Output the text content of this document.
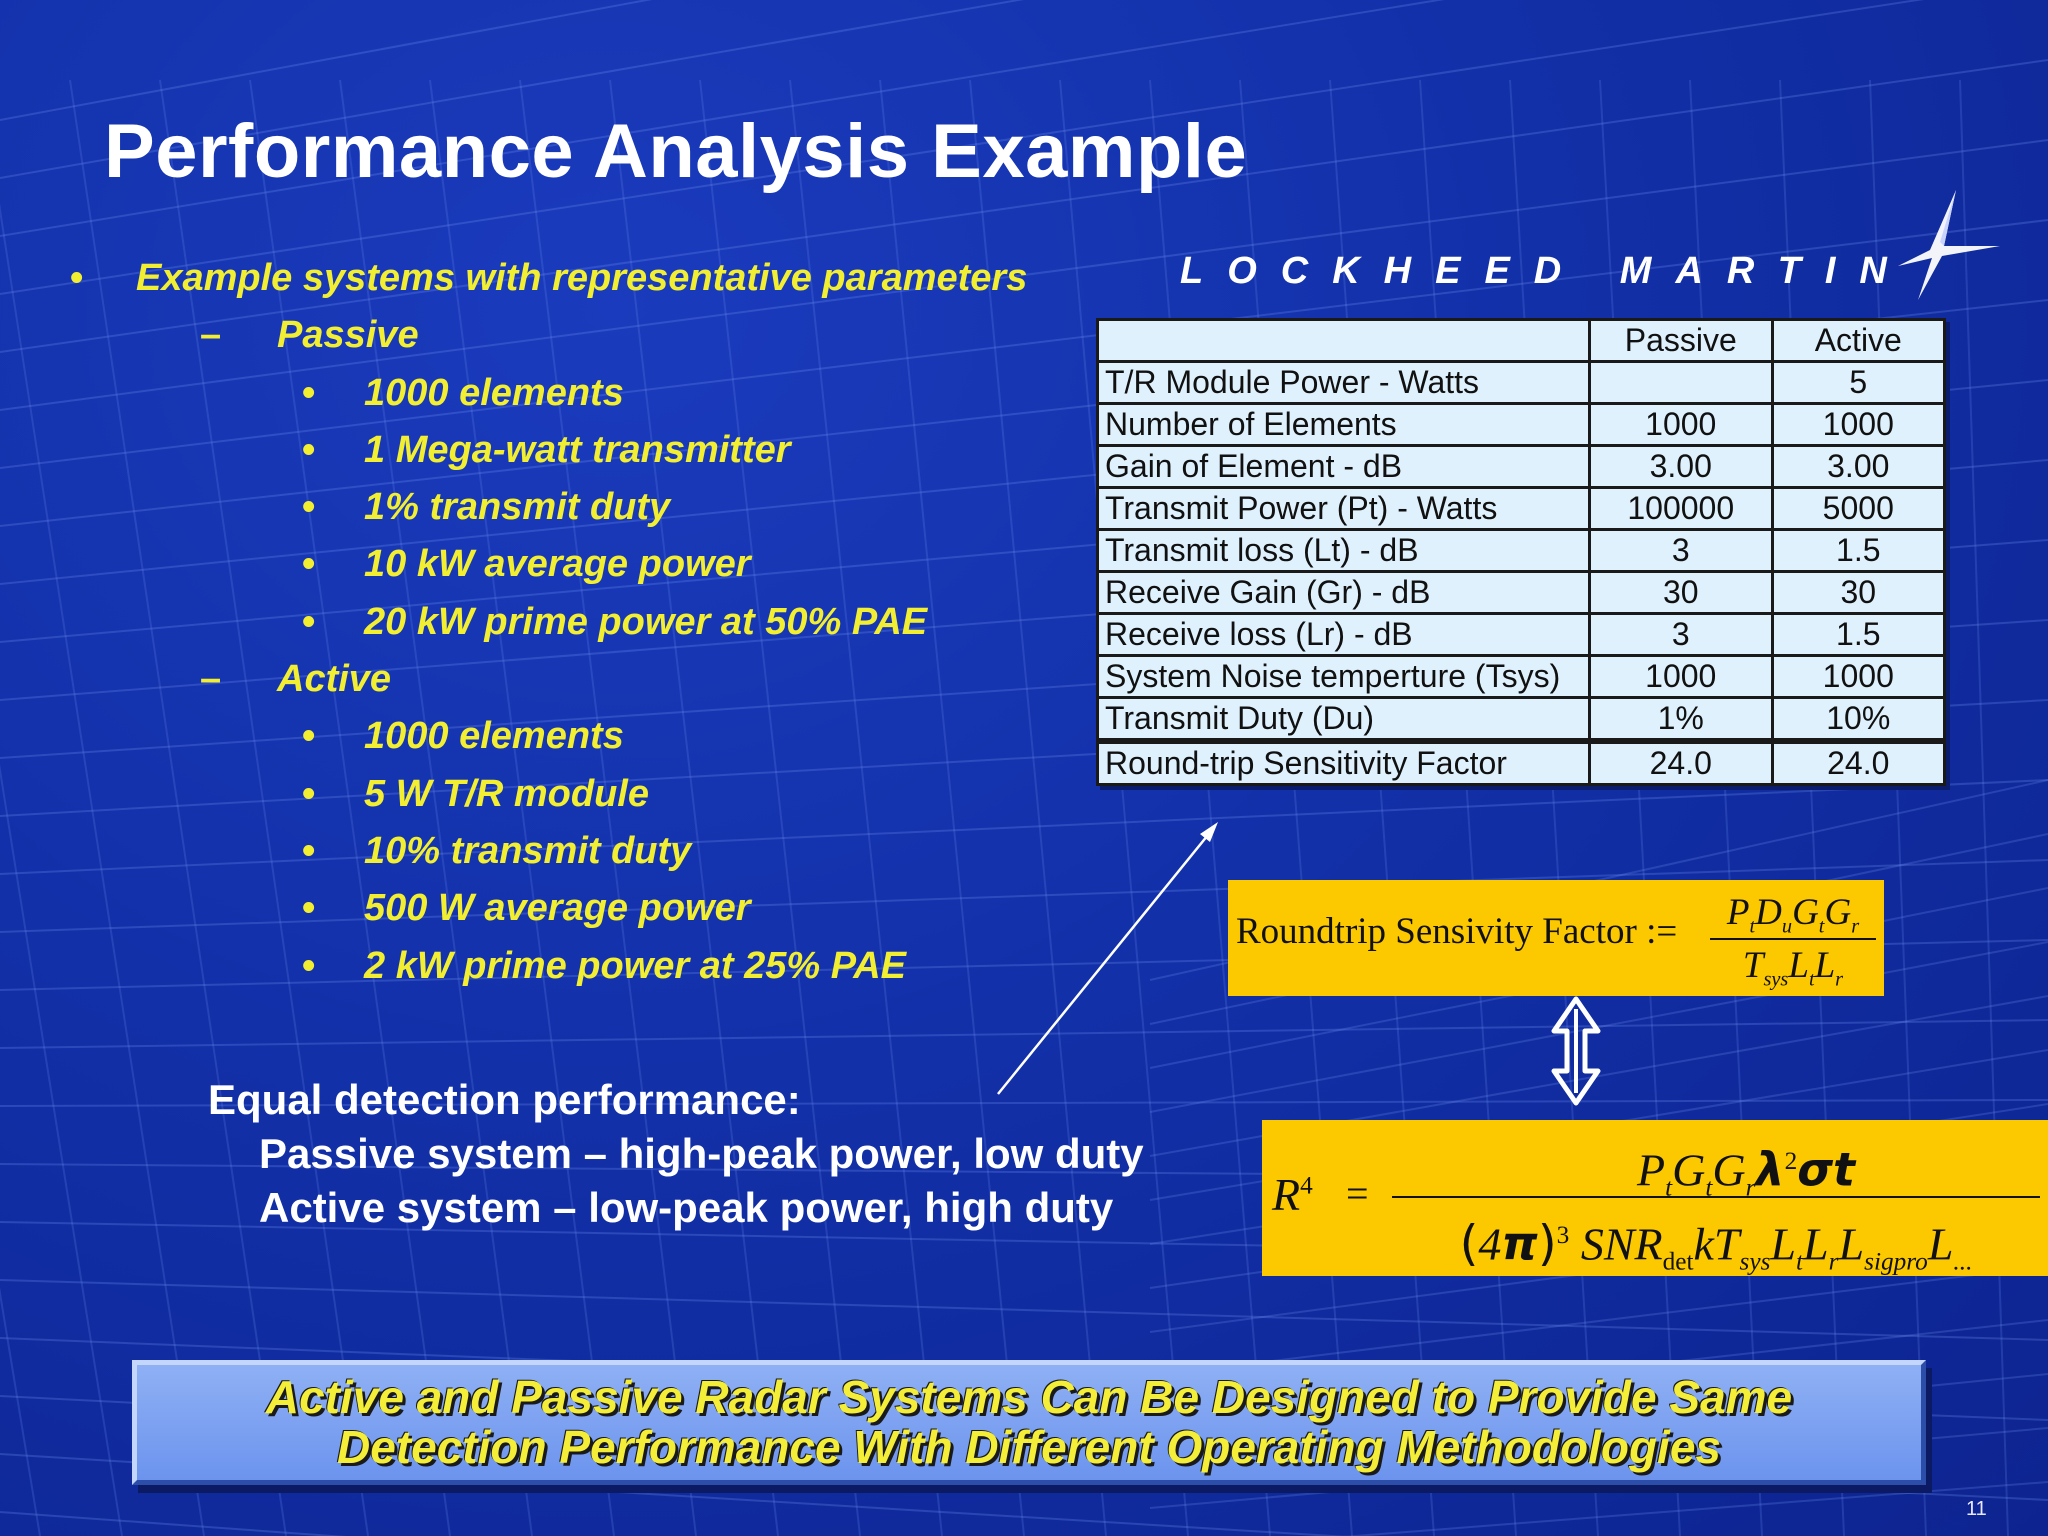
Performance Analysis Example
• Example systems with representative parameters
– Passive
• 1000 elements
• 1 Mega-watt transmitter
• 1% transmit duty
• 10 kW average power
• 20 kW prime power at 50% PAE
– Active
• 1000 elements
• 5 W T/R module
• 10% transmit duty
• 500 W average power
• 2 kW prime power at 25% PAE
LOCKHEED MARTIN
	Passive	Active
T/R Module Power - Watts		5
Number of Elements	1000	1000
Gain of Element - dB	3.00	3.00
Transmit Power (Pt) - Watts	100000	5000
Transmit loss (Lt) - dB	3	1.5
Receive Gain (Gr) - dB	30	30
Receive loss (Lr) - dB	3	1.5
System Noise temperture (Tsys)	1000	1000
Transmit Duty (Du)	1%	10%
Round-trip Sensitivity Factor	24.0	24.0
Roundtrip Sensivity Factor :=	$P_tD_uG_tG_r$
$T_{sys}L_tL_r$
$R^4$ =	$P_tG_tG_r\lambda^2\sigma t$
$(4\pi)^3$ $SNR_{det}kT_{sys}L_tL_rL_{sigpro}L_{...}$
Equal detection performance:
Passive system – high-peak power, low duty
Active system – low-peak power, high duty
Active and Passive Radar Systems Can Be Designed to Provide Same
Detection Performance With Different Operating Methodologies
11
